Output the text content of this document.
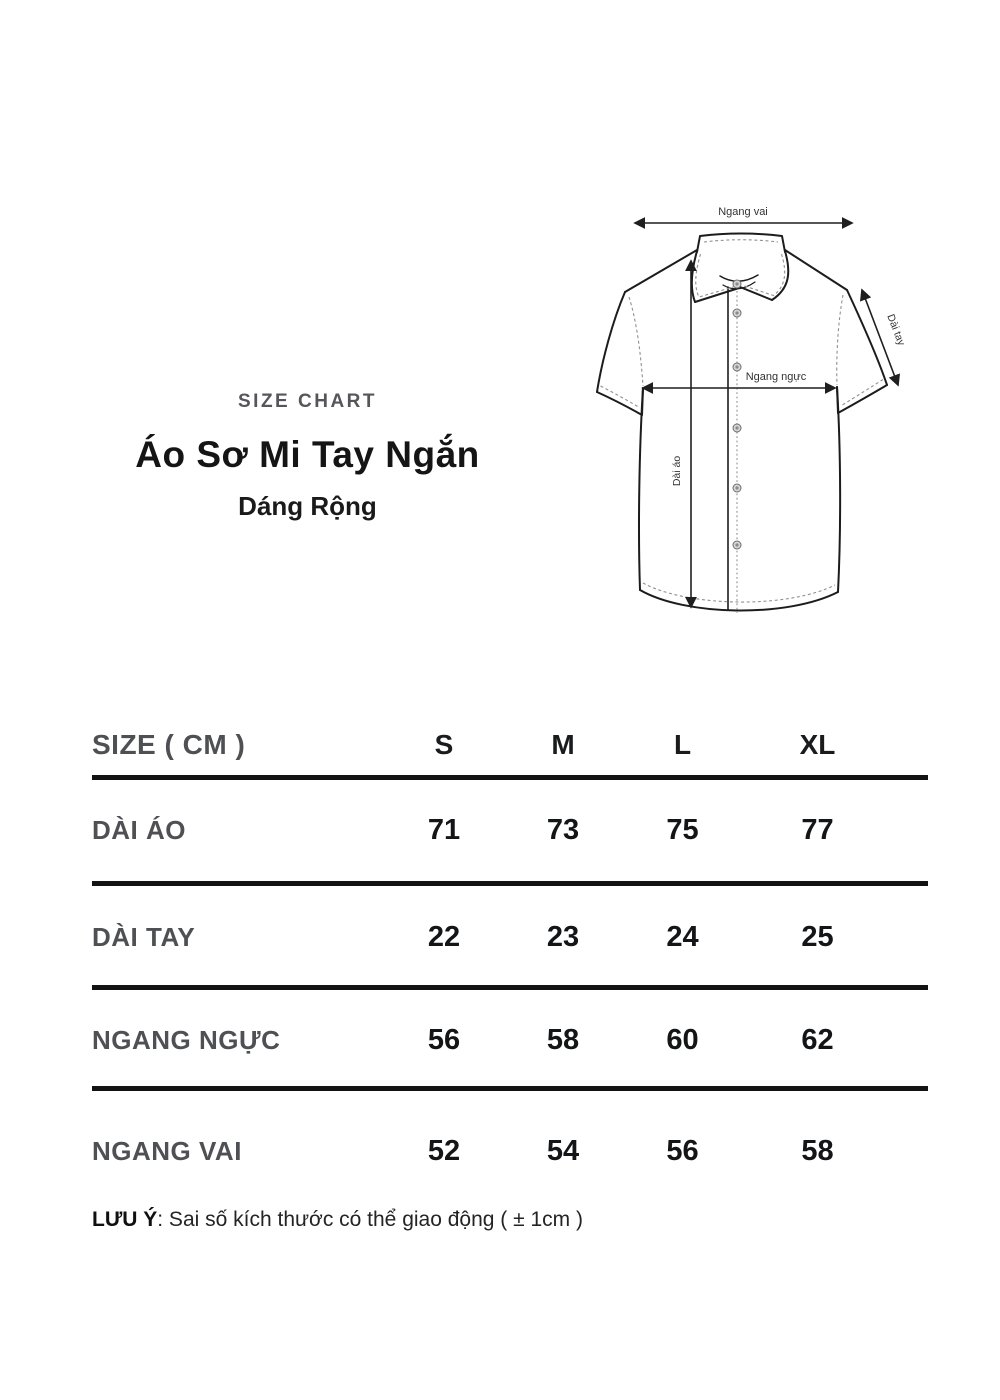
SIZE CHART
Áo Sơ Mi Tay Ngắn
Dáng Rộng
Ngang vai
Ngang ngực
Dài áo
Dài tay
SIZE ( CM )	S	M	L	XL
DÀI ÁO	71	73	75	77
DÀI TAY	22	23	24	25
NGANG NGỰC	56	58	60	62
NGANG VAI	52	54	56	58

LƯU Ý: Sai số kích thước có thể giao động ( ± 1cm )
